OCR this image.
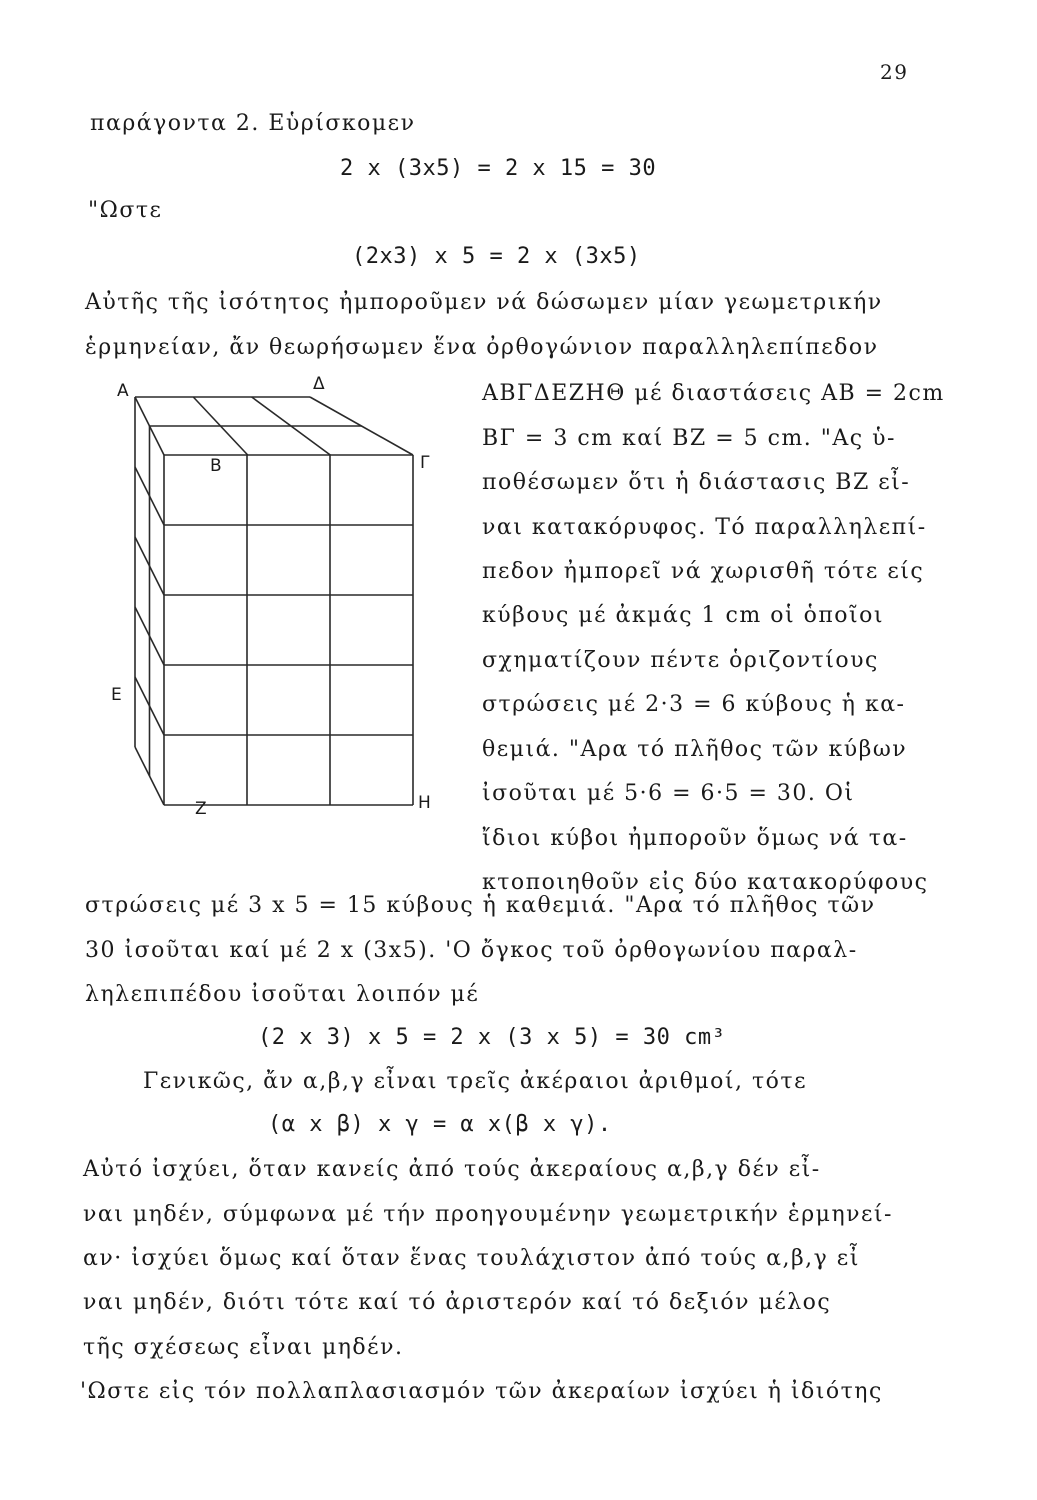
29
παράγοντα 2. Εὑρίσκομεν
2 x (3x5) = 2 x 15 = 30
"Ωστε
(2x3) x 5 = 2 x (3x5)
Αὐτῆς τῆς ἰσότητος ἠμποροῦμεν νά δώσωμεν μίαν γεωμετρικήν
ἑρμηνείαν, ἄν θεωρήσωμεν ἕνα ὀρθογώνιον παραλληλεπίπεδον
ΑΒΓΔΕΖΗΘ μέ διαστάσεις ΑΒ = 2cm
ΒΓ = 3 cm καί ΒΖ = 5 cm. "Ας ὑ-
ποθέσωμεν ὅτι ἡ διάστασις ΒΖ εἶ-
ναι κατακόρυφος. Τό παραλληλεπί-
πεδον ἠμπορεῖ νά χωρισθῆ τότε είς
κύβους μέ ἀκμάς 1 cm οἱ ὁποῖοι
σχηματίζουν πέντε ὁριζοντίους
στρώσεις μέ 2·3 = 6 κύβους ἡ κα-
θεμιά. "Αρα τό πλῆθος τῶν κύβων
ἰσοῦται μέ 5·6 = 6·5 = 30. Οἱ
ἴδιοι κύβοι ἠμποροῦν ὅμως νά τα-
κτοποιηθοῦν εἰς δύο κατακορύφους
A	Δ
Γ
B
E
Z	H
στρώσεις μέ 3 x 5 = 15 κύβους ἡ καθεμιά. "Αρα τό πλῆθος τῶν
30 ἰσοῦται καί μέ 2 x (3x5). 'Ο ὄγκος τοῦ ὀρθογωνίου παραλ-
ληλεπιπέδου ἰσοῦται λοιπόν μέ
(2 x 3) x 5 = 2 x (3 x 5) = 30 cm³
Γενικῶς, ἄν α,β,γ εἶναι τρεῖς ἀκέραιοι ἀριθμοί, τότε
(α x β) x γ = α x(β x γ).
Αὐτό ἰσχύει, ὅταν κανείς ἀπό τούς ἀκεραίους α,β,γ δέν εἶ-
ναι μηδέν, σύμφωνα μέ τήν προηγουμένην γεωμετρικήν ἑρμηνεί-
αν· ἰσχύει ὅμως καί ὅταν ἕνας τουλάχιστον ἀπό τούς α,β,γ εἶ
ναι μηδέν, διότι τότε καί τό ἀριστερόν καί τό δεξιόν μέλος
τῆς σχέσεως εἶναι μηδέν.
'Ωστε εἰς τόν πολλαπλασιασμόν τῶν ἀκεραίων ἰσχύει ἡ ἰδιότης
